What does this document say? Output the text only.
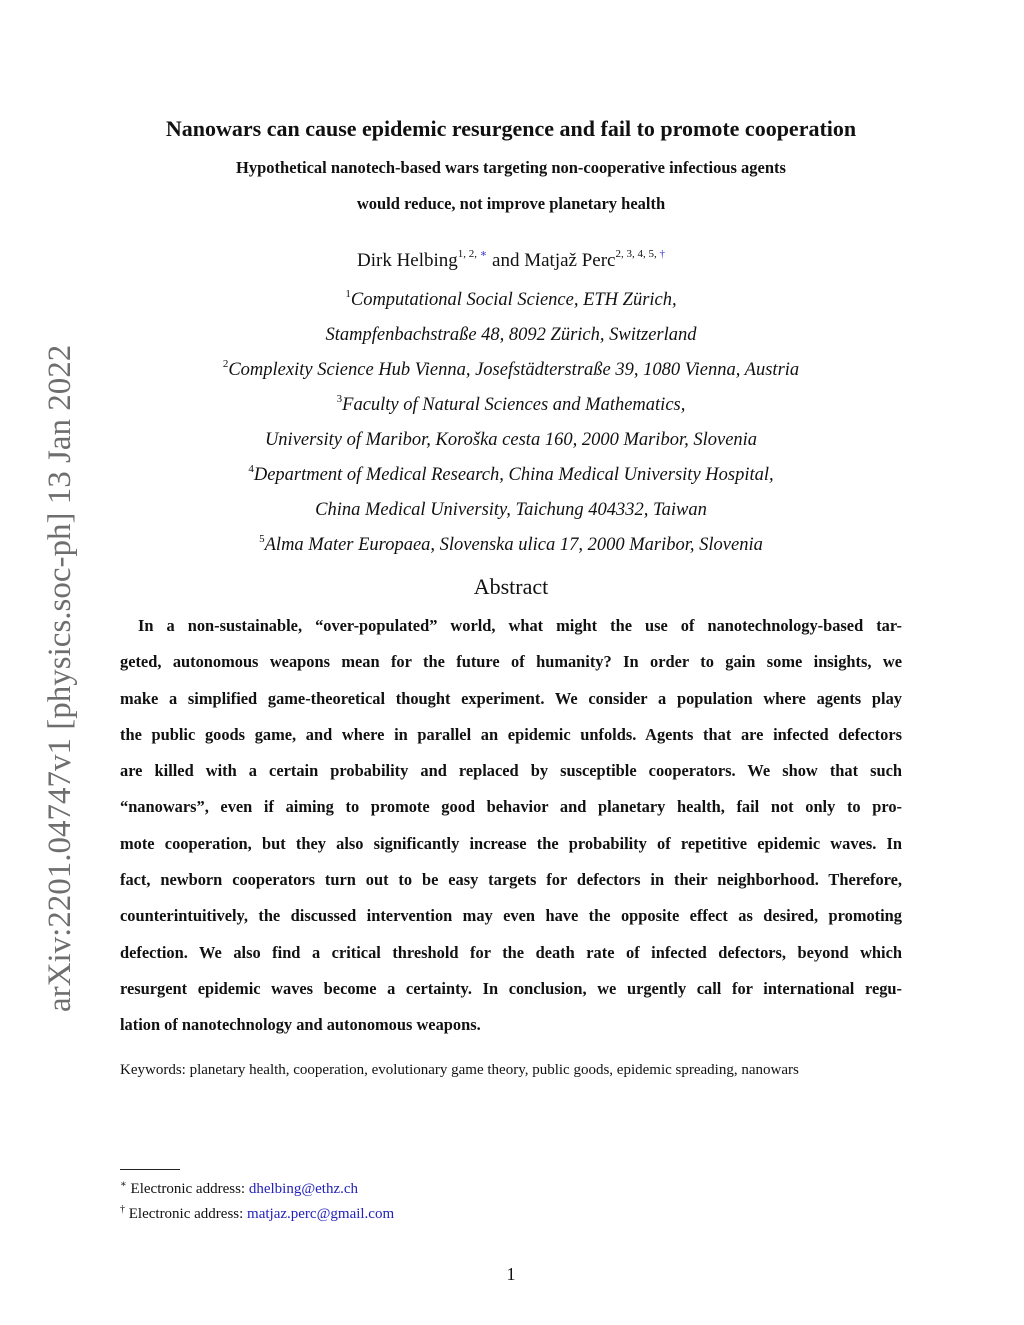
arXiv:2201.04747v1 [physics.soc-ph] 13 Jan 2022
Nanowars can cause epidemic resurgence and fail to promote cooperation
Hypothetical nanotech-based wars targeting non-cooperative infectious agents
would reduce, not improve planetary health
Dirk Helbing$^{1, 2, ∗}$ and Matjaž Perc$^{2, 3, 4, 5, \dagger}$
$^1$Computational Social Science, ETH Zürich,
Stampfenbachstraße 48, 8092 Zürich, Switzerland
$^2$Complexity Science Hub Vienna, Josefstädterstraße 39, 1080 Vienna, Austria
$^3$Faculty of Natural Sciences and Mathematics,
University of Maribor, Koroška cesta 160, 2000 Maribor, Slovenia
$^4$Department of Medical Research, China Medical University Hospital,
China Medical University, Taichung 404332, Taiwan
$^5$Alma Mater Europaea, Slovenska ulica 17, 2000 Maribor, Slovenia
Abstract
In a non-sustainable, “over-populated” world, what might the use of nanotechnology-based tar-
geted, autonomous weapons mean for the future of humanity? In order to gain some insights, we
make a simplified game-theoretical thought experiment. We consider a population where agents play
the public goods game, and where in parallel an epidemic unfolds. Agents that are infected defectors
are killed with a certain probability and replaced by susceptible cooperators. We show that such
“nanowars”, even if aiming to promote good behavior and planetary health, fail not only to pro-
mote cooperation, but they also significantly increase the probability of repetitive epidemic waves. In
fact, newborn cooperators turn out to be easy targets for defectors in their neighborhood. Therefore,
counterintuitively, the discussed intervention may even have the opposite effect as desired, promoting
defection. We also find a critical threshold for the death rate of infected defectors, beyond which
resurgent epidemic waves become a certainty. In conclusion, we urgently call for international regu-
lation of nanotechnology and autonomous weapons.
Keywords: planetary health, cooperation, evolutionary game theory, public goods, epidemic spreading, nanowars
∗ Electronic address: dhelbing@ethz.ch
† Electronic address: matjaz.perc@gmail.com
1
